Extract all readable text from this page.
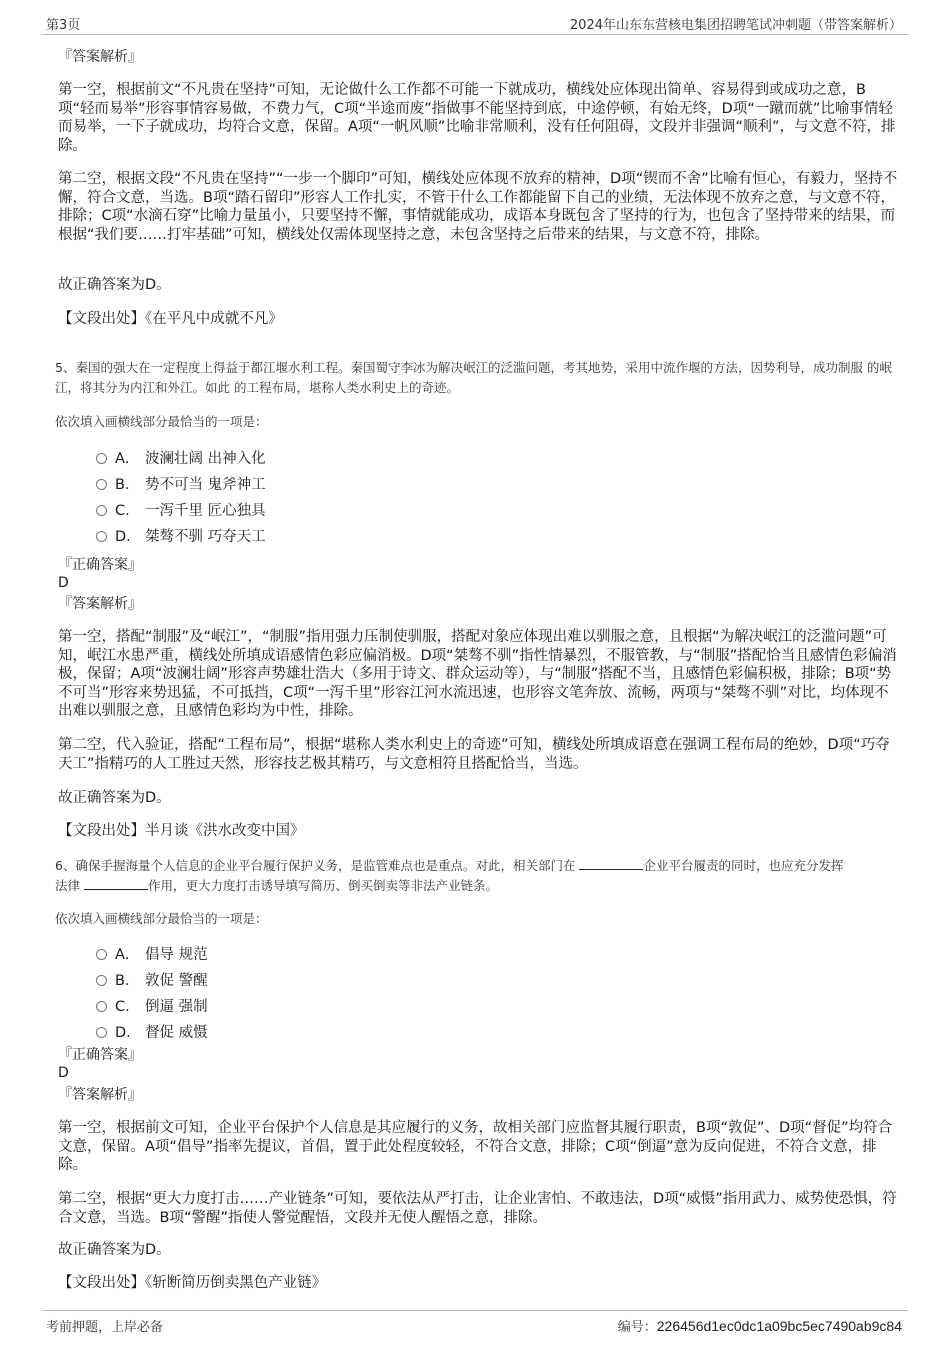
第3页	2024年山东东营核电集团招聘笔试冲刺题（带答案解析）
『答案解析』
第一空，根据前文“不凡贵在坚持”可知，无论做什么工作都不可能一下就成功，横线处应体现出简单、容易得到或成功之意，B项“轻而易举”形容事情容易做，不费力气，C项“半途而废”指做事不能坚持到底，中途停顿，有始无终，D项“一蹴而就”比喻事情轻而易举，一下子就成功，均符合文意，保留。A项“一帆风顺”比喻非常顺利，没有任何阻碍，文段并非强调“顺利”，与文意不符，排除。
第二空，根据文段“不凡贵在坚持”“一步一个脚印”可知，横线处应体现不放弃的精神，D项“锲而不舍”比喻有恒心，有毅力，坚持不懈，符合文意，当选。B项“踏石留印”形容人工作扎实，不管干什么工作都能留下自己的业绩，无法体现不放弃之意，与文意不符，排除；C项“水滴石穿”比喻力量虽小，只要坚持不懈，事情就能成功，成语本身既包含了坚持的行为，也包含了坚持带来的结果，而根据“我们要……打牢基础”可知，横线处仅需体现坚持之意，未包含坚持之后带来的结果，与文意不符，排除。
故正确答案为D。
【文段出处】《在平凡中成就不凡》
5、秦国的强大在一定程度上得益于都江堰水利工程。秦国蜀守李冰为解决岷江的泛滥问题，考其地势，采用中流作堰的方法，因势利导，成功制服 的岷江，将其分为内江和外江。如此 的工程布局，堪称人类水利史上的奇迹。
依次填入画横线部分最恰当的一项是：
A． 波澜壮阔 出神入化
B． 势不可当 鬼斧神工
C． 一泻千里 匠心独具
D． 桀骜不驯 巧夺天工
『正确答案』
D
『答案解析』
第一空，搭配“制服”及“岷江”，“制服”指用强力压制使驯服，搭配对象应体现出难以驯服之意，且根据“为解决岷江的泛滥问题”可知，岷江水患严重，横线处所填成语感情色彩应偏消极。D项“桀骜不驯”指性情暴烈，不服管教，与“制服”搭配恰当且感情色彩偏消极，保留；A项“波澜壮阔”形容声势雄壮浩大（多用于诗文、群众运动等），与“制服”搭配不当，且感情色彩偏积极，排除；B项“势不可当”形容来势迅猛，不可抵挡，C项“一泻千里”形容江河水流迅速，也形容文笔奔放、流畅，两项与“桀骜不驯”对比，均体现不出难以驯服之意，且感情色彩均为中性，排除。
第二空，代入验证，搭配“工程布局”，根据“堪称人类水利史上的奇迹”可知，横线处所填成语意在强调工程布局的绝妙，D项“巧夺天工”指精巧的人工胜过天然，形容技艺极其精巧，与文意相符且搭配恰当，当选。
故正确答案为D。
【文段出处】半月谈《洪水改变中国》
6、确保手握海量个人信息的企业平台履行保护义务，是监管难点也是重点。对此，相关部门在	企业平台履责的同时，也应充分发挥
法律	作用，更大力度打击诱导填写简历、倒买倒卖等非法产业链条。
依次填入画横线部分最恰当的一项是：
A． 倡导 规范
B． 敦促 警醒
C． 倒逼 强制
D． 督促 威慑
『正确答案』
D
『答案解析』
第一空，根据前文可知，企业平台保护个人信息是其应履行的义务，故相关部门应监督其履行职责，B项“敦促”、D项“督促”均符合文意，保留。A项“倡导”指率先提议，首倡，置于此处程度较轻，不符合文意，排除；C项“倒逼”意为反向促进，不符合文意，排除。
第二空，根据“更大力度打击……产业链条”可知，要依法从严打击，让企业害怕、不敢违法，D项“威慑”指用武力、威势使恐惧，符合文意，当选。B项“警醒”指使人警觉醒悟，文段并无使人醒悟之意，排除。
故正确答案为D。
【文段出处】《斩断简历倒卖黑色产业链》
考前押题，上岸必备	编号：226456d1ec0dc1a09bc5ec7490ab9c84
